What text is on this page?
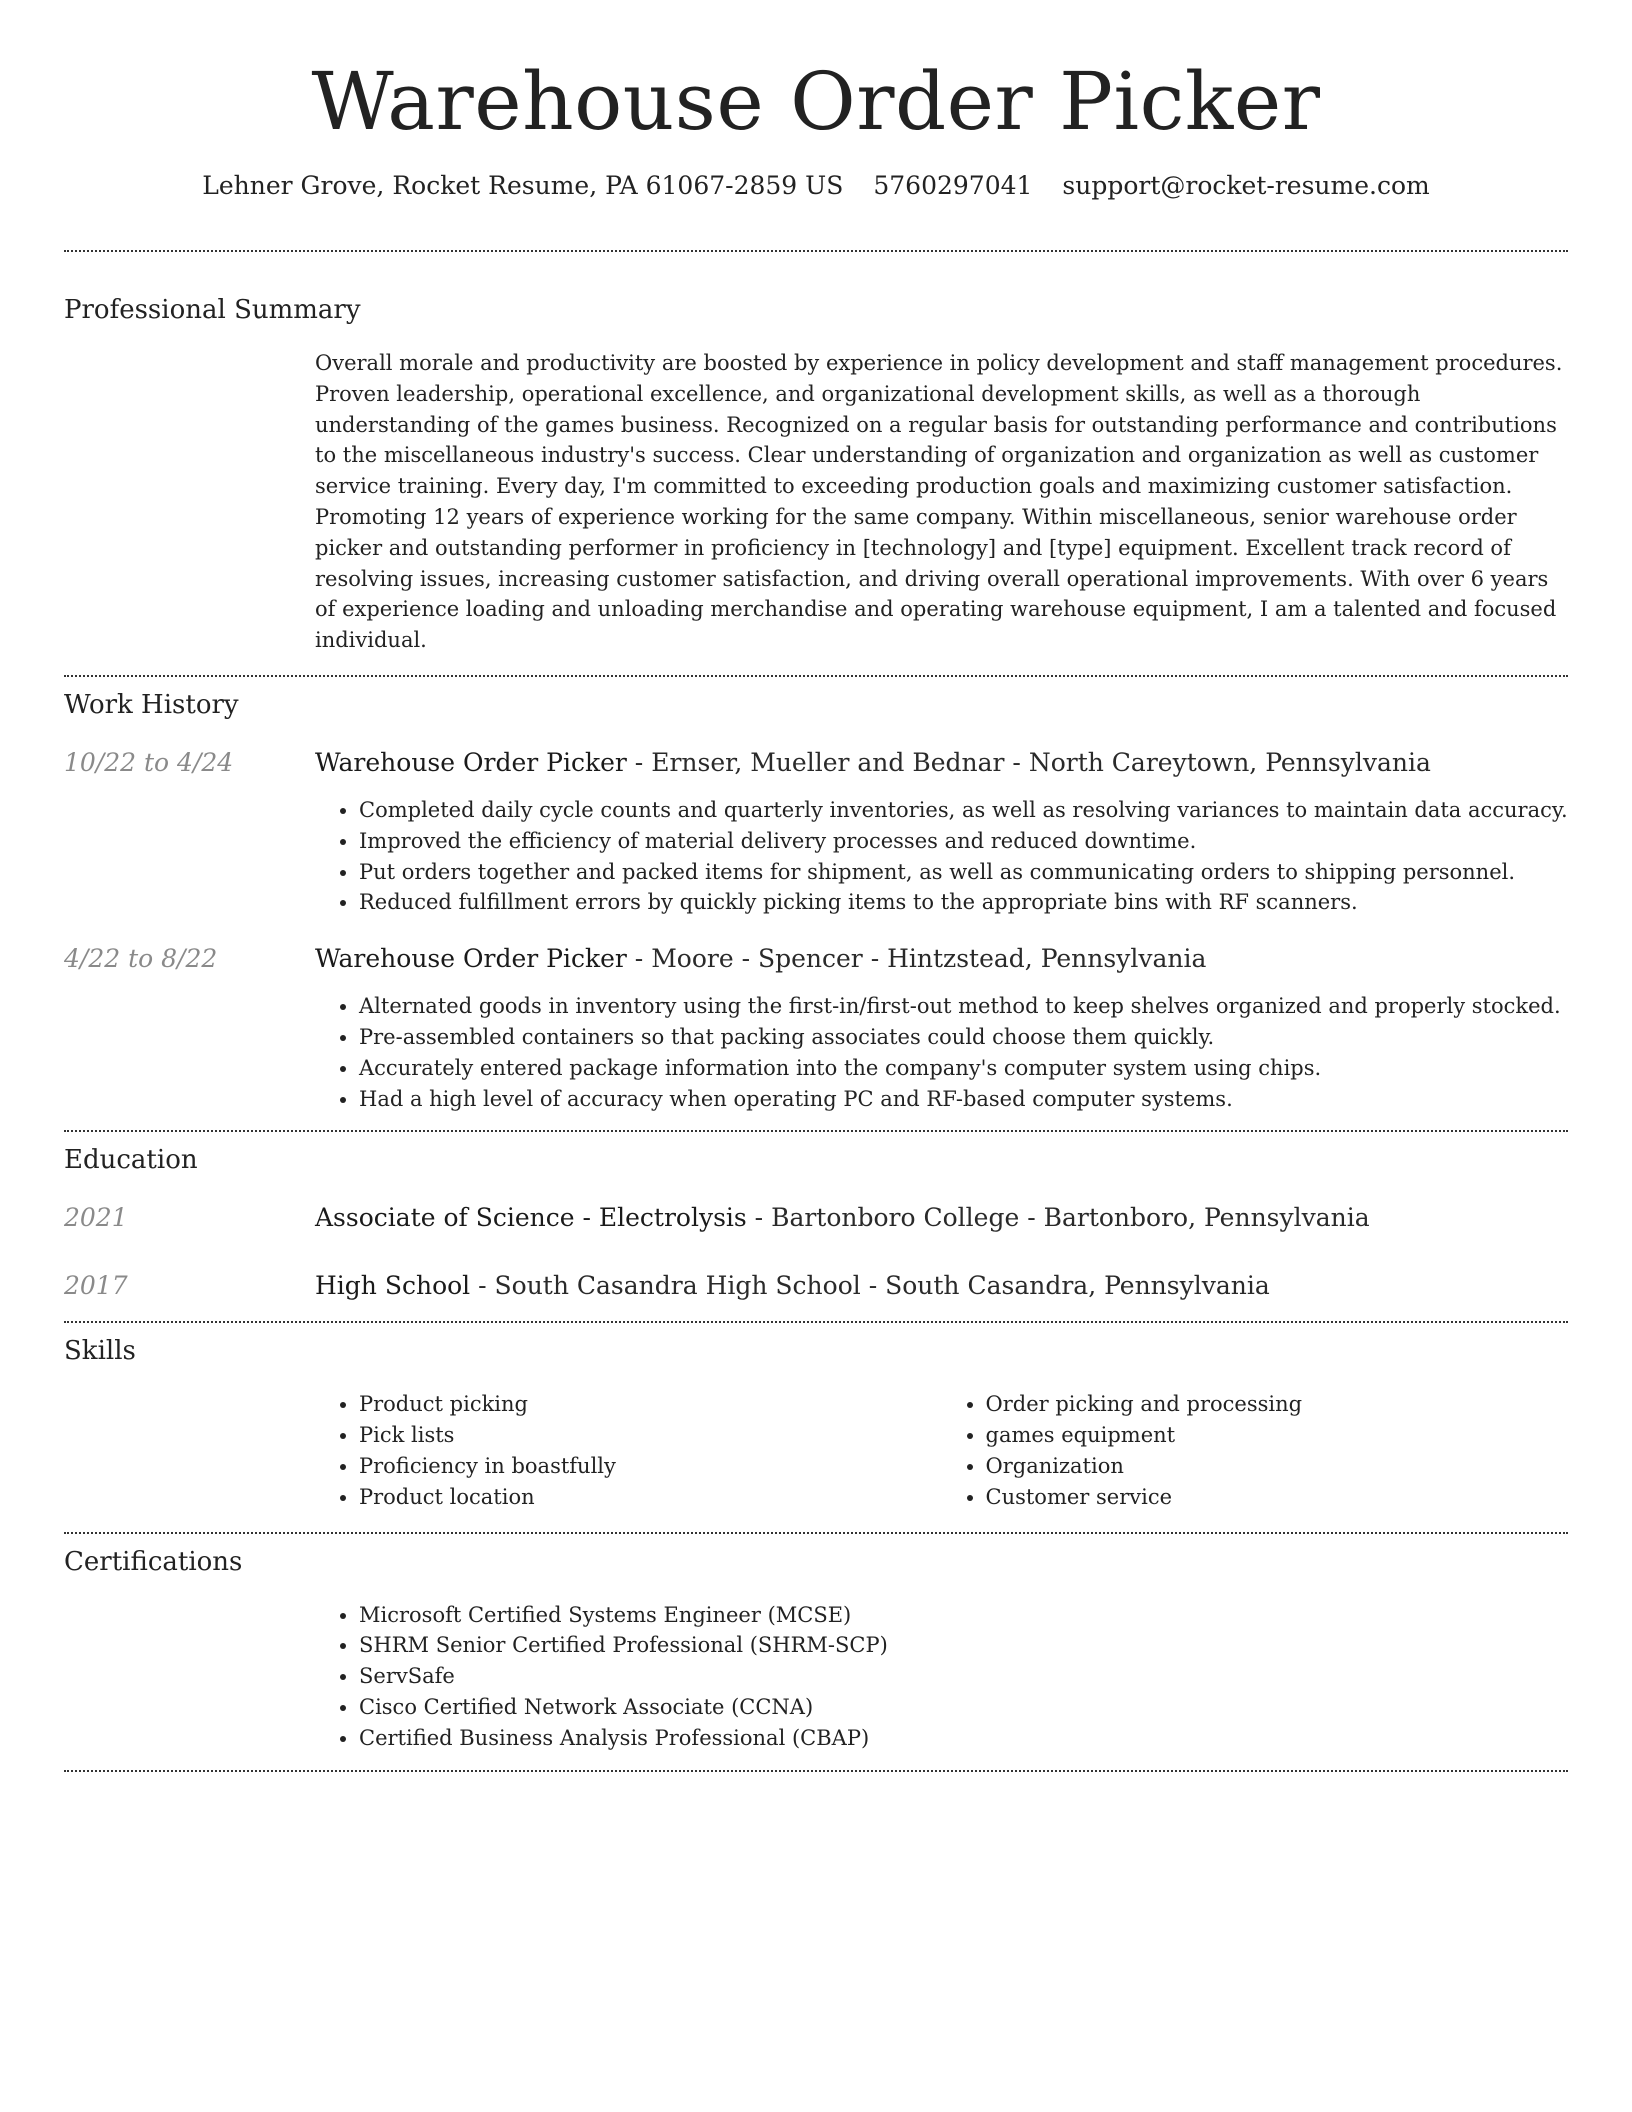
Warehouse Order Picker
Lehner Grove, Rocket Resume, PA 61067-2859 US 5760297041 support@rocket-resume.com
Professional Summary

Overall morale and productivity are boosted by experience in policy development and staff management procedures. Proven leadership, operational excellence, and organizational development skills, as well as a thorough understanding of the games business. Recognized on a regular basis for outstanding performance and contributions to the miscellaneous industry's success. Clear understanding of organization and organization as well as customer service training. Every day, I'm committed to exceeding production goals and maximizing customer satisfaction. Promoting 12 years of experience working for the same company. Within miscellaneous, senior warehouse order picker and outstanding performer in proficiency in [technology] and [type] equipment. Excellent track record of resolving issues, increasing customer satisfaction, and driving overall operational improvements. With over 6 years of experience loading and unloading merchandise and operating warehouse equipment, I am a talented and focused individual.

Work History
10/22 to 4/24	Warehouse Order Picker - Ernser, Mueller and Bednar - North Careytown, Pennsylvania
• Completed daily cycle counts and quarterly inventories, as well as resolving variances to maintain data accuracy.
• Improved the efficiency of material delivery processes and reduced downtime.
• Put orders together and packed items for shipment, as well as communicating orders to shipping personnel.
• Reduced fulfillment errors by quickly picking items to the appropriate bins with RF scanners.
4/22 to 8/22	Warehouse Order Picker - Moore - Spencer - Hintzstead, Pennsylvania
• Alternated goods in inventory using the first-in/first-out method to keep shelves organized and properly stocked.
• Pre-assembled containers so that packing associates could choose them quickly.
• Accurately entered package information into the company's computer system using chips.
• Had a high level of accuracy when operating PC and RF-based computer systems.
Education
2021	Associate of Science - Electrolysis - Bartonboro College - Bartonboro, Pennsylvania
2017	High School - South Casandra High School - South Casandra, Pennsylvania
Skills
• Product picking
• Pick lists
• Proficiency in boastfully
• Product location
• Order picking and processing
• games equipment
• Organization
• Customer service
Certifications
• Microsoft Certified Systems Engineer (MCSE)
• SHRM Senior Certified Professional (SHRM-SCP)
• ServSafe
• Cisco Certified Network Associate (CCNA)
• Certified Business Analysis Professional (CBAP)
